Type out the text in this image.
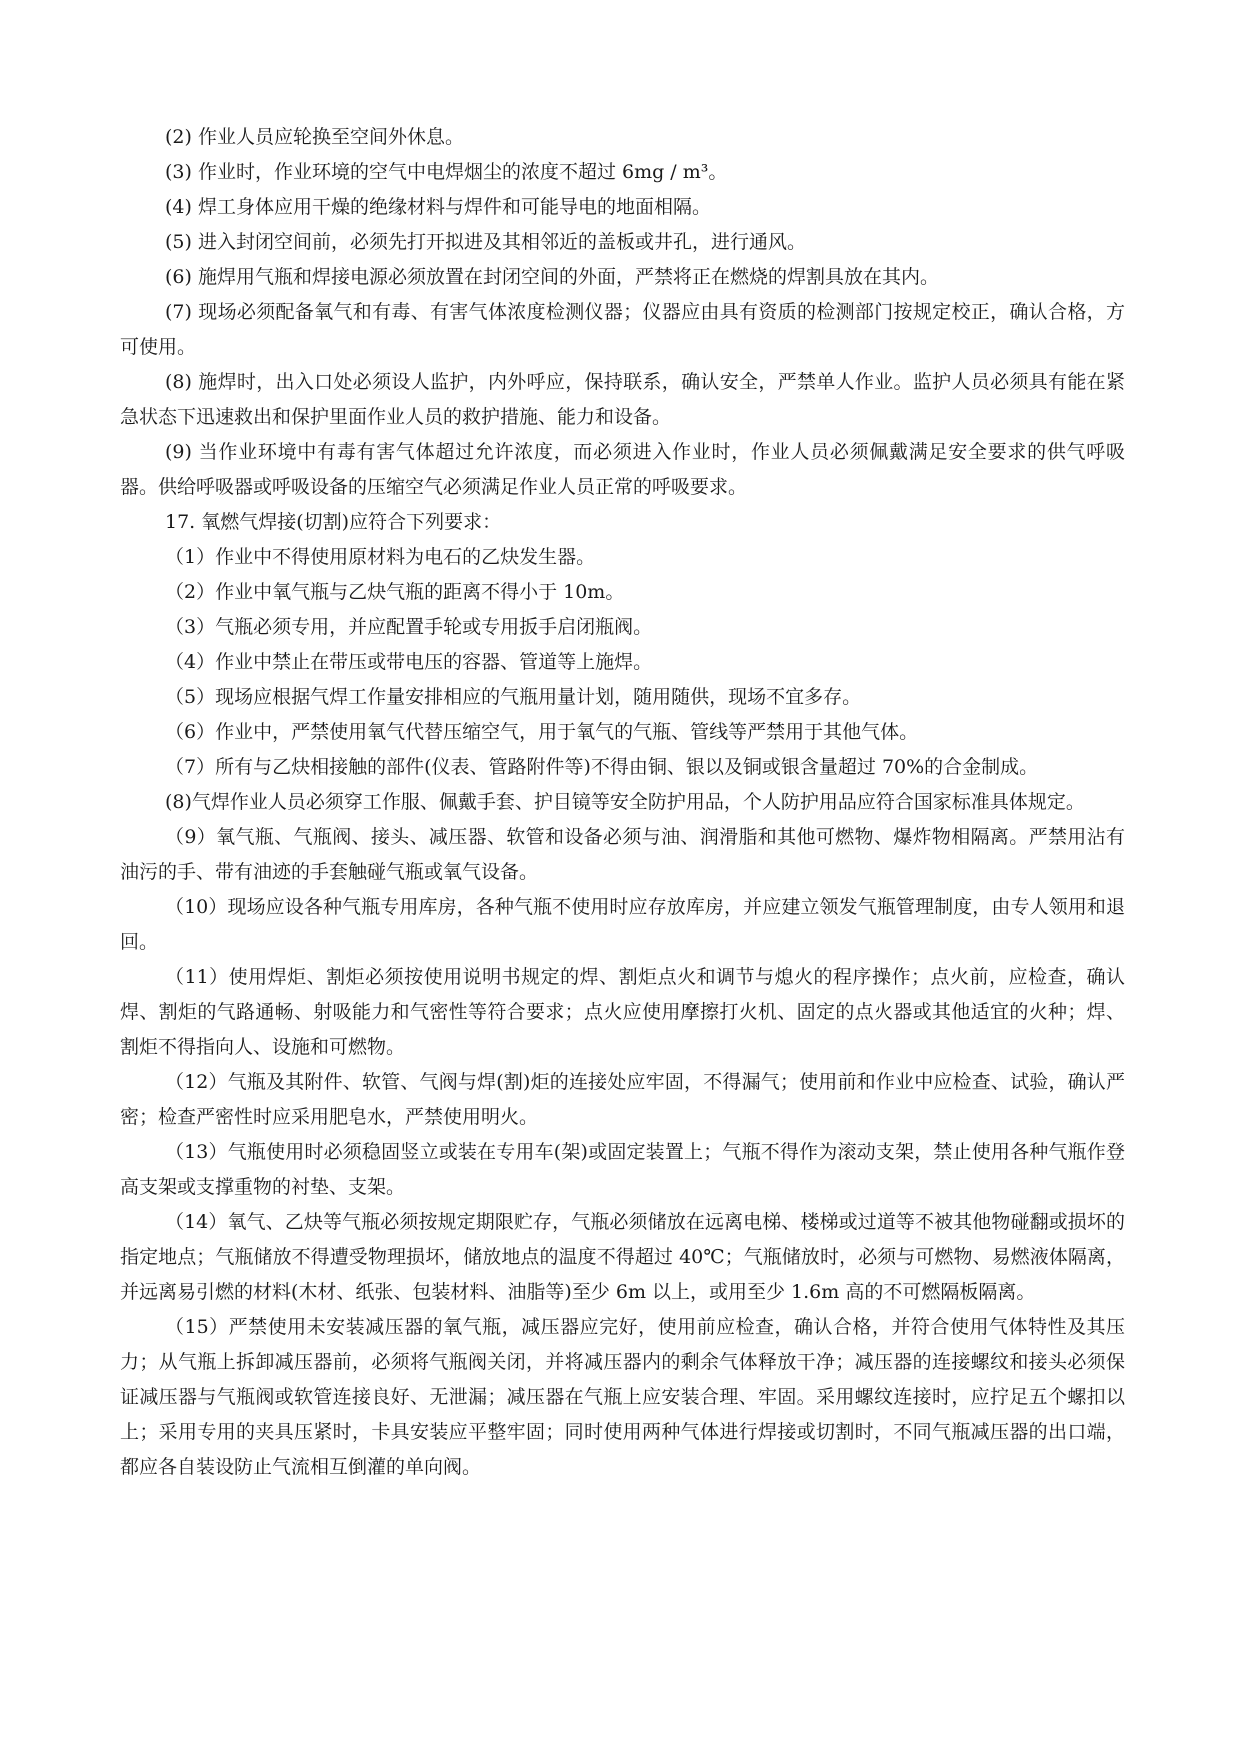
(2) 作业人员应轮换至空间外休息。

(3) 作业时，作业环境的空气中电焊烟尘的浓度不超过 6mg / m³。

(4) 焊工身体应用干燥的绝缘材料与焊件和可能导电的地面相隔。

(5) 进入封闭空间前，必须先打开拟进及其相邻近的盖板或井孔，进行通风。

(6) 施焊用气瓶和焊接电源必须放置在封闭空间的外面，严禁将正在燃烧的焊割具放在其内。

(7) 现场必须配备氧气和有毒、有害气体浓度检测仪器；仪器应由具有资质的检测部门按规定校正，确认合格，方可使用。

(8) 施焊时，出入口处必须设人监护，内外呼应，保持联系，确认安全，严禁单人作业。监护人员必须具有能在紧急状态下迅速救出和保护里面作业人员的救护措施、能力和设备。

(9) 当作业环境中有毒有害气体超过允许浓度，而必须进入作业时，作业人员必须佩戴满足安全要求的供气呼吸器。供给呼吸器或呼吸设备的压缩空气必须满足作业人员正常的呼吸要求。

17. 氧燃气焊接(切割)应符合下列要求：

（1）作业中不得使用原材料为电石的乙炔发生器。

（2）作业中氧气瓶与乙炔气瓶的距离不得小于 10m。

（3）气瓶必须专用，并应配置手轮或专用扳手启闭瓶阀。

（4）作业中禁止在带压或带电压的容器、管道等上施焊。

（5）现场应根据气焊工作量安排相应的气瓶用量计划，随用随供，现场不宜多存。

（6）作业中，严禁使用氧气代替压缩空气，用于氧气的气瓶、管线等严禁用于其他气体。

（7）所有与乙炔相接触的部件(仪表、管路附件等)不得由铜、银以及铜或银含量超过 70%的合金制成。

(8)气焊作业人员必须穿工作服、佩戴手套、护目镜等安全防护用品，个人防护用品应符合国家标准具体规定。

（9）氧气瓶、气瓶阀、接头、减压器、软管和设备必须与油、润滑脂和其他可燃物、爆炸物相隔离。严禁用沾有油污的手、带有油迹的手套触碰气瓶或氧气设备。

（10）现场应设各种气瓶专用库房，各种气瓶不使用时应存放库房，并应建立领发气瓶管理制度，由专人领用和退回。

（11）使用焊炬、割炬必须按使用说明书规定的焊、割炬点火和调节与熄火的程序操作；点火前，应检查，确认焊、割炬的气路通畅、射吸能力和气密性等符合要求；点火应使用摩擦打火机、固定的点火器或其他适宜的火种；焊、割炬不得指向人、设施和可燃物。

（12）气瓶及其附件、软管、气阀与焊(割)炬的连接处应牢固，不得漏气；使用前和作业中应检查、试验，确认严密；检查严密性时应采用肥皂水，严禁使用明火。

（13）气瓶使用时必须稳固竖立或装在专用车(架)或固定装置上；气瓶不得作为滚动支架，禁止使用各种气瓶作登高支架或支撑重物的衬垫、支架。

（14）氧气、乙炔等气瓶必须按规定期限贮存，气瓶必须储放在远离电梯、楼梯或过道等不被其他物碰翻或损坏的指定地点；气瓶储放不得遭受物理损坏，储放地点的温度不得超过 40℃；气瓶储放时，必须与可燃物、易燃液体隔离，并远离易引燃的材料(木材、纸张、包装材料、油脂等)至少 6m 以上，或用至少 1.6m 高的不可燃隔板隔离。

（15）严禁使用未安装减压器的氧气瓶，减压器应完好，使用前应检查，确认合格，并符合使用气体特性及其压力；从气瓶上拆卸减压器前，必须将气瓶阀关闭，并将减压器内的剩余气体释放干净；减压器的连接螺纹和接头必须保证减压器与气瓶阀或软管连接良好、无泄漏；减压器在气瓶上应安装合理、牢固。采用螺纹连接时，应拧足五个螺扣以上；采用专用的夹具压紧时，卡具安装应平整牢固；同时使用两种气体进行焊接或切割时，不同气瓶减压器的出口端，都应各自装设防止气流相互倒灌的单向阀。
